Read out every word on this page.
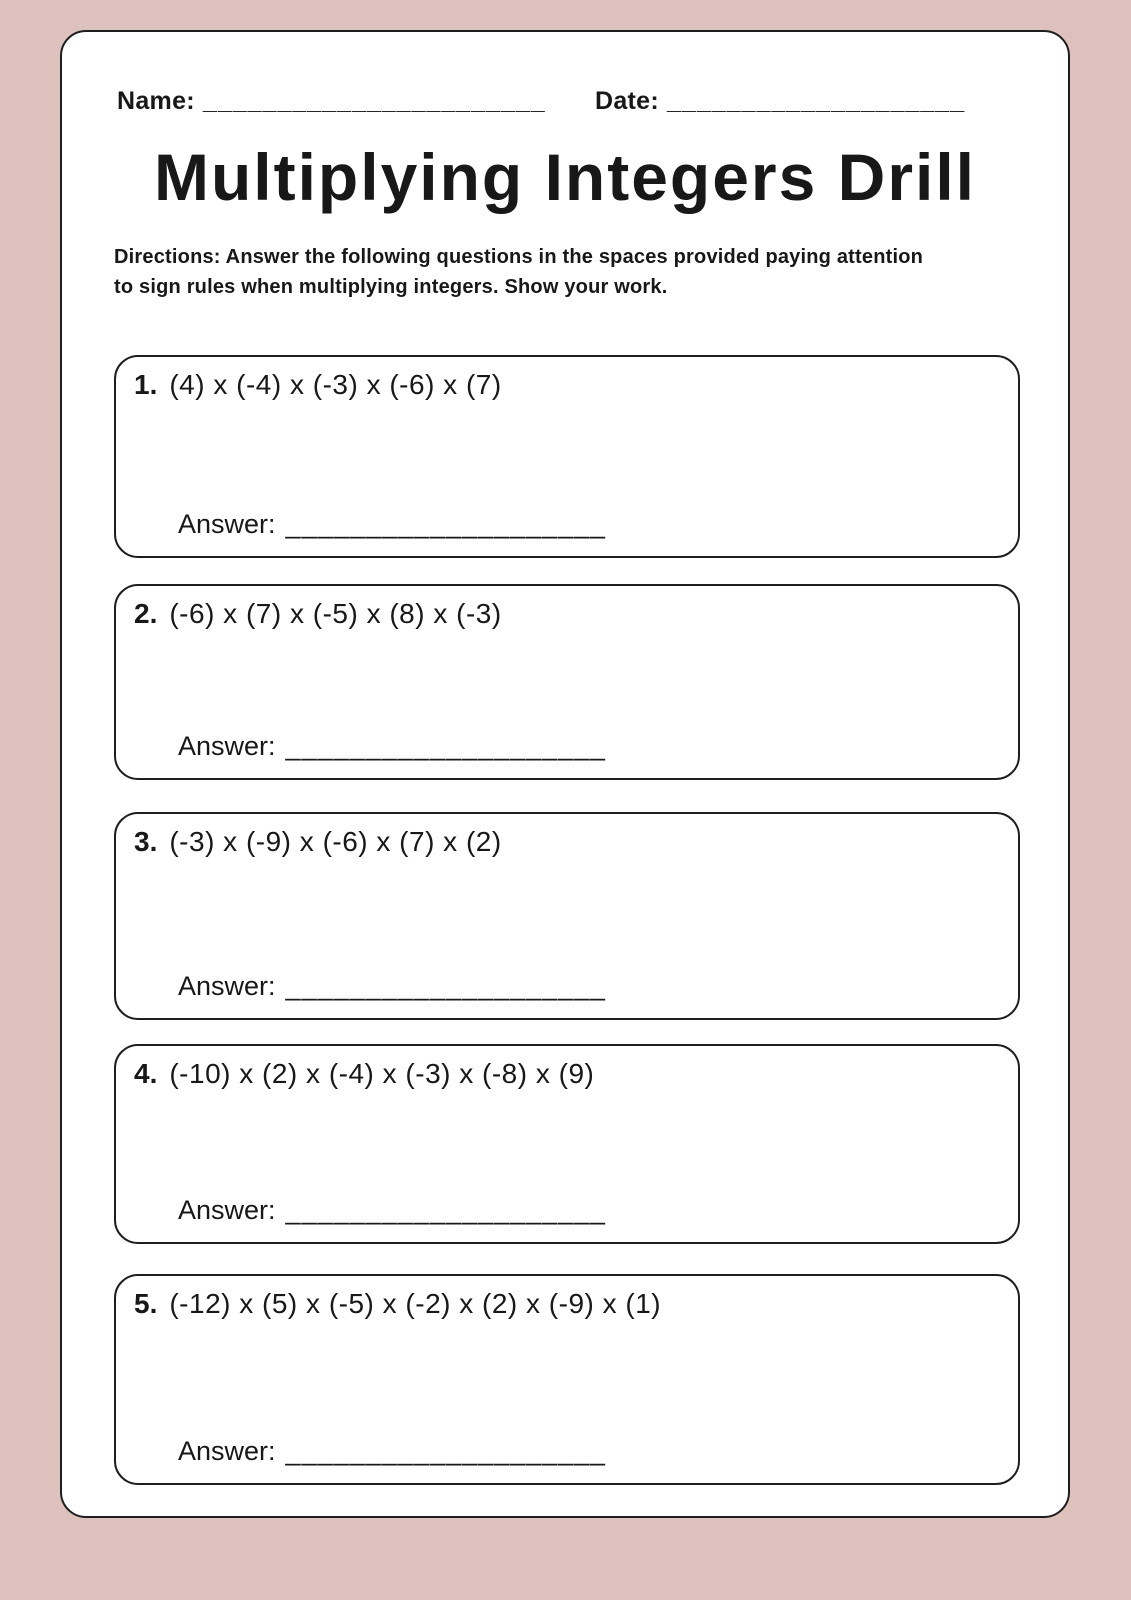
Name: _______________________ Date: ____________________
Multiplying Integers Drill

Directions: Answer the following questions in the spaces provided paying attention to sign rules when multiplying integers. Show your work.

1. (4) x (-4) x (-3) x (-6) x (7)
Answer: ____________________
2. (-6) x (7) x (-5) x (8) x (-3)
Answer: ____________________
3. (-3) x (-9) x (-6) x (7) x (2)
Answer: ____________________
4. (-10) x (2) x (-4) x (-3) x (-8) x (9)
Answer: ____________________
5. (-12) x (5) x (-5) x (-2) x (2) x (-9) x (1)
Answer: ____________________
